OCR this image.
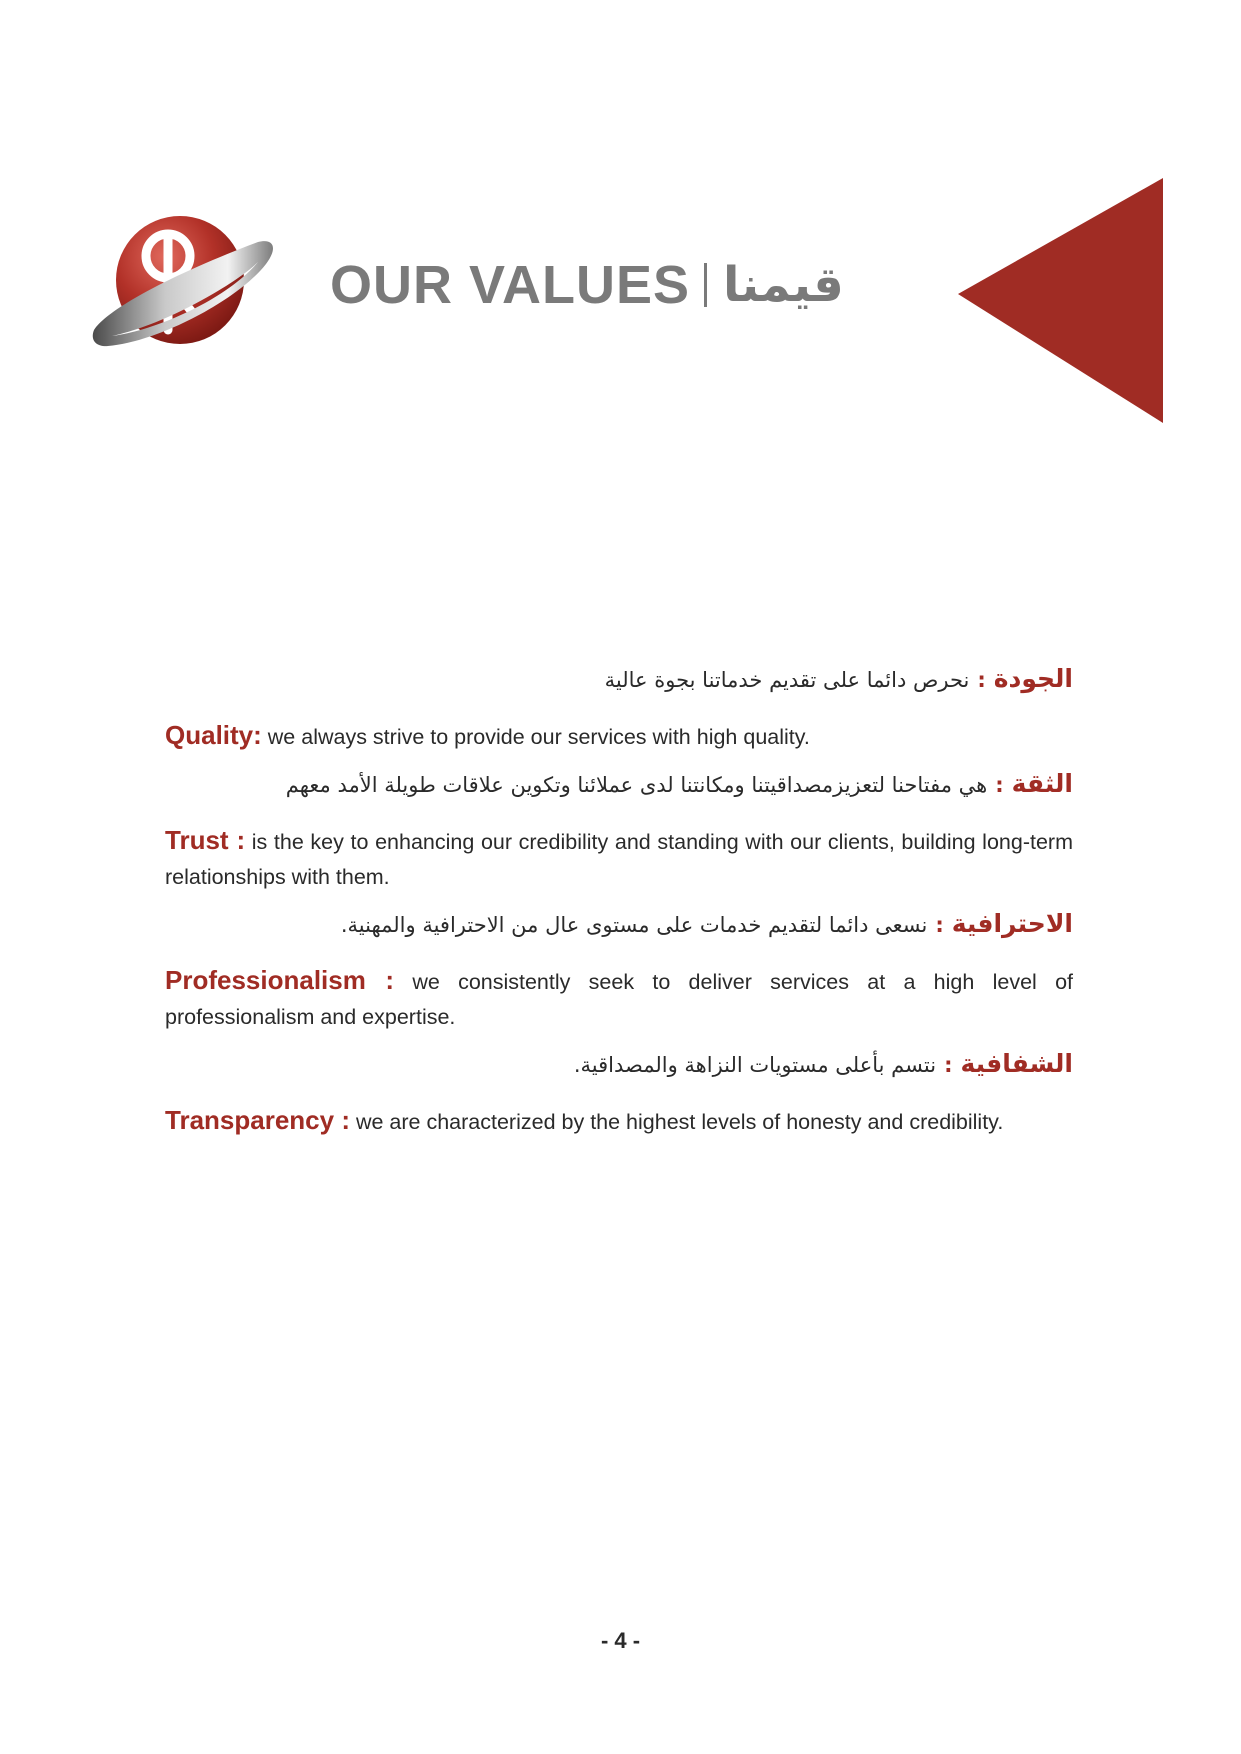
OUR VALUES قيمنا
الجودة:نحرص دائما على تقديم خدماتنا بجوة عالية
Quality: we always strive to provide our services with high quality.
الثقة:هي مفتاحنا لتعزيزمصداقيتنا ومكانتنا لدى عملائنا وتكوين علاقات طويلة الأمد معهم
Trust : is the key to enhancing our credibility and standing with our clients, building long-term relationships with them.
الاحترافية:نسعى دائما لتقديم خدمات على مستوى عال من الاحترافية والمهنية.
Professionalism : we consistently seek to deliver services at a high level of professionalism and expertise.
الشفافية:نتسم بأعلى مستويات النزاهة والمصداقية.
Transparency : we are characterized by the highest levels of honesty and credibility.
- 4 -
